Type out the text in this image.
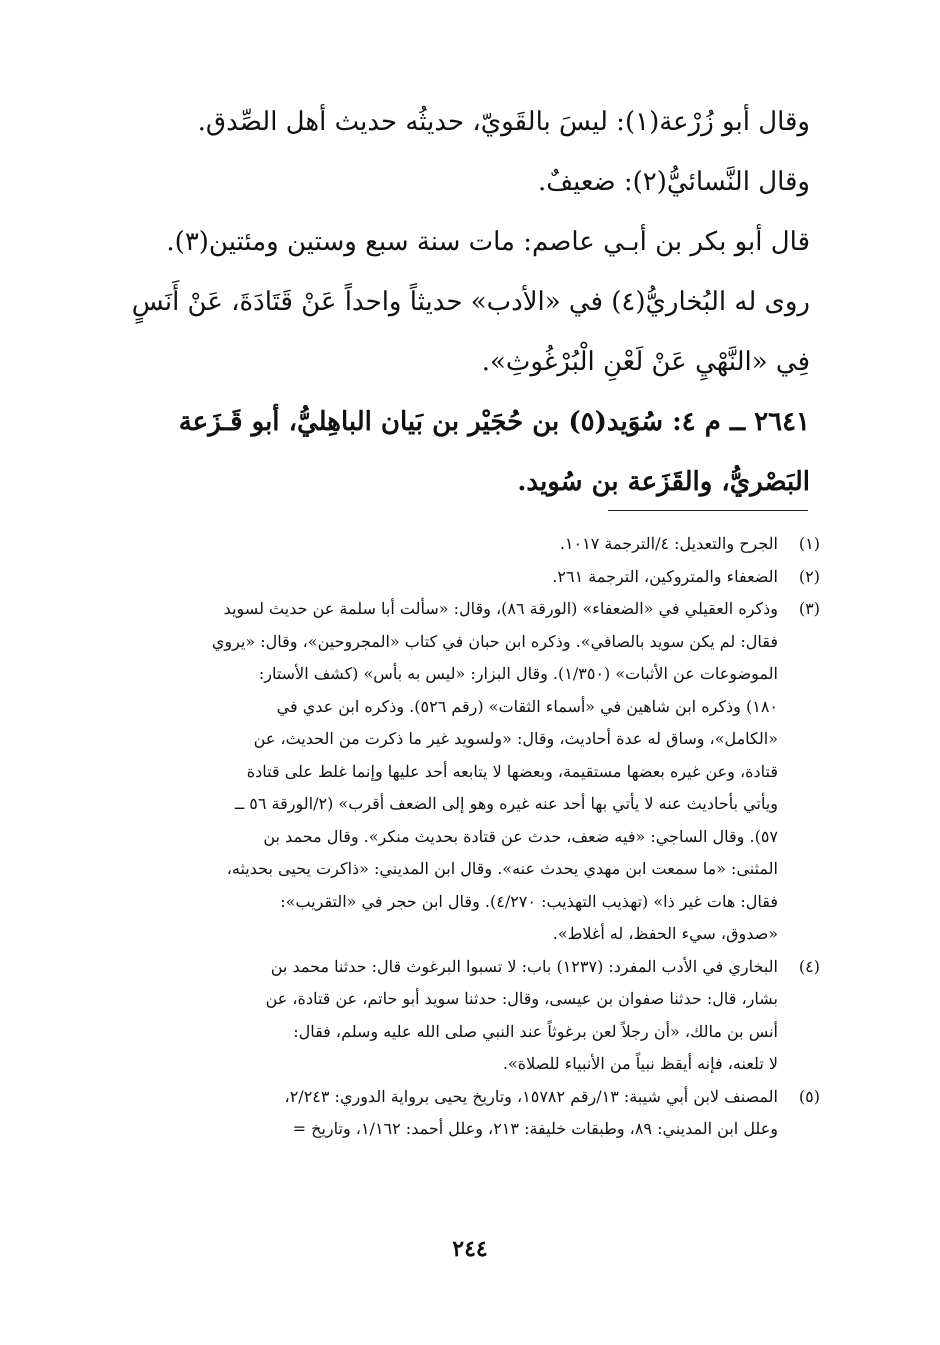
وقال أبو زُرْعة(١): ليسَ بالقَويّ، حديثُه حديث أهل الصِّدق.
وقال النَّسائيُّ(٢): ضعيفٌ.
قال أبو بكر بن أبـي عاصم: مات سنة سبع وستين ومئتين(٣).
روى له البُخاريُّ(٤) في «الأدب» حديثاً واحداً عَنْ قَتَادَةَ، عَنْ أَنَسٍ
فِي «النَّهْيِ عَنْ لَعْنِ الْبُرْغُوثِ».
٢٦٤١ ــ م ٤: سُوَيد(٥) بن حُجَيْر بن بَيان الباهِليُّ، أبو قَـزَعة
البَصْريُّ، والقَزَعة بن سُويد.
(١)
الجرح والتعديل: ٤/الترجمة ١٠١٧.
(٢)
الضعفاء والمتروكين، الترجمة ٢٦١.
(٣)
وذكره العقيلي في «الضعفاء» (الورقة ٨٦)، وقال: «سألت أبا سلمة عن حديث لسويد
فقال: لم يكن سويد بالصافي». وذكره ابن حبان في كتاب «المجروحين»، وقال: «يروي
الموضوعات عن الأثبات» (١/٣٥٠). وقال البزار: «ليس به بأس» (كشف الأستار:
١٨٠) وذكره ابن شاهين في «أسماء الثقات» (رقم ٥٢٦). وذكره ابن عدي في
«الكامل»، وساق له عدة أحاديث، وقال: «ولسويد غير ما ذكرت من الحديث، عن
قتادة، وعن غيره بعضها مستقيمة، وبعضها لا يتابعه أحد عليها وإنما غلط على قتادة
ويأتي بأحاديث عنه لا يأتي بها أحد عنه غيره وهو إلى الضعف أقرب» (٢/الورقة ٥٦ ــ
٥٧). وقال الساجي: «فيه ضعف، حدث عن قتادة بحديث منكر». وقال محمد بن
المثنى: «ما سمعت ابن مهدي يحدث عنه». وقال ابن المديني: «ذاكرت يحيى بحديثه،
فقال: هات غير ذا» (تهذيب التهذيب: ٤/٢٧٠). وقال ابن حجر في «التقريب»:
«صدوق، سيء الحفظ، له أغلاط».
(٤)
البخاري في الأدب المفرد: (١٢٣٧) باب: لا تسبوا البرغوث قال: حدثنا محمد بن
بشار، قال: حدثنا صفوان بن عيسى، وقال: حدثنا سويد أبو حاتم، عن قتادة، عن
أنس بن مالك، «أن رجلاً لعن برغوثاً عند النبي صلى الله عليه وسلم، فقال:
لا تلعنه، فإنه أيقظ نبياً من الأنبياء للصلاة».
(٥)
المصنف لابن أبي شيبة: ١٣/رقم ١٥٧٨٢، وتاريخ يحيى برواية الدوري: ٢/٢٤٣،
وعلل ابن المديني: ٨٩، وطبقات خليفة: ٢١٣، وعلل أحمد: ١/١٦٢، وتاريخ =
٢٤٤
